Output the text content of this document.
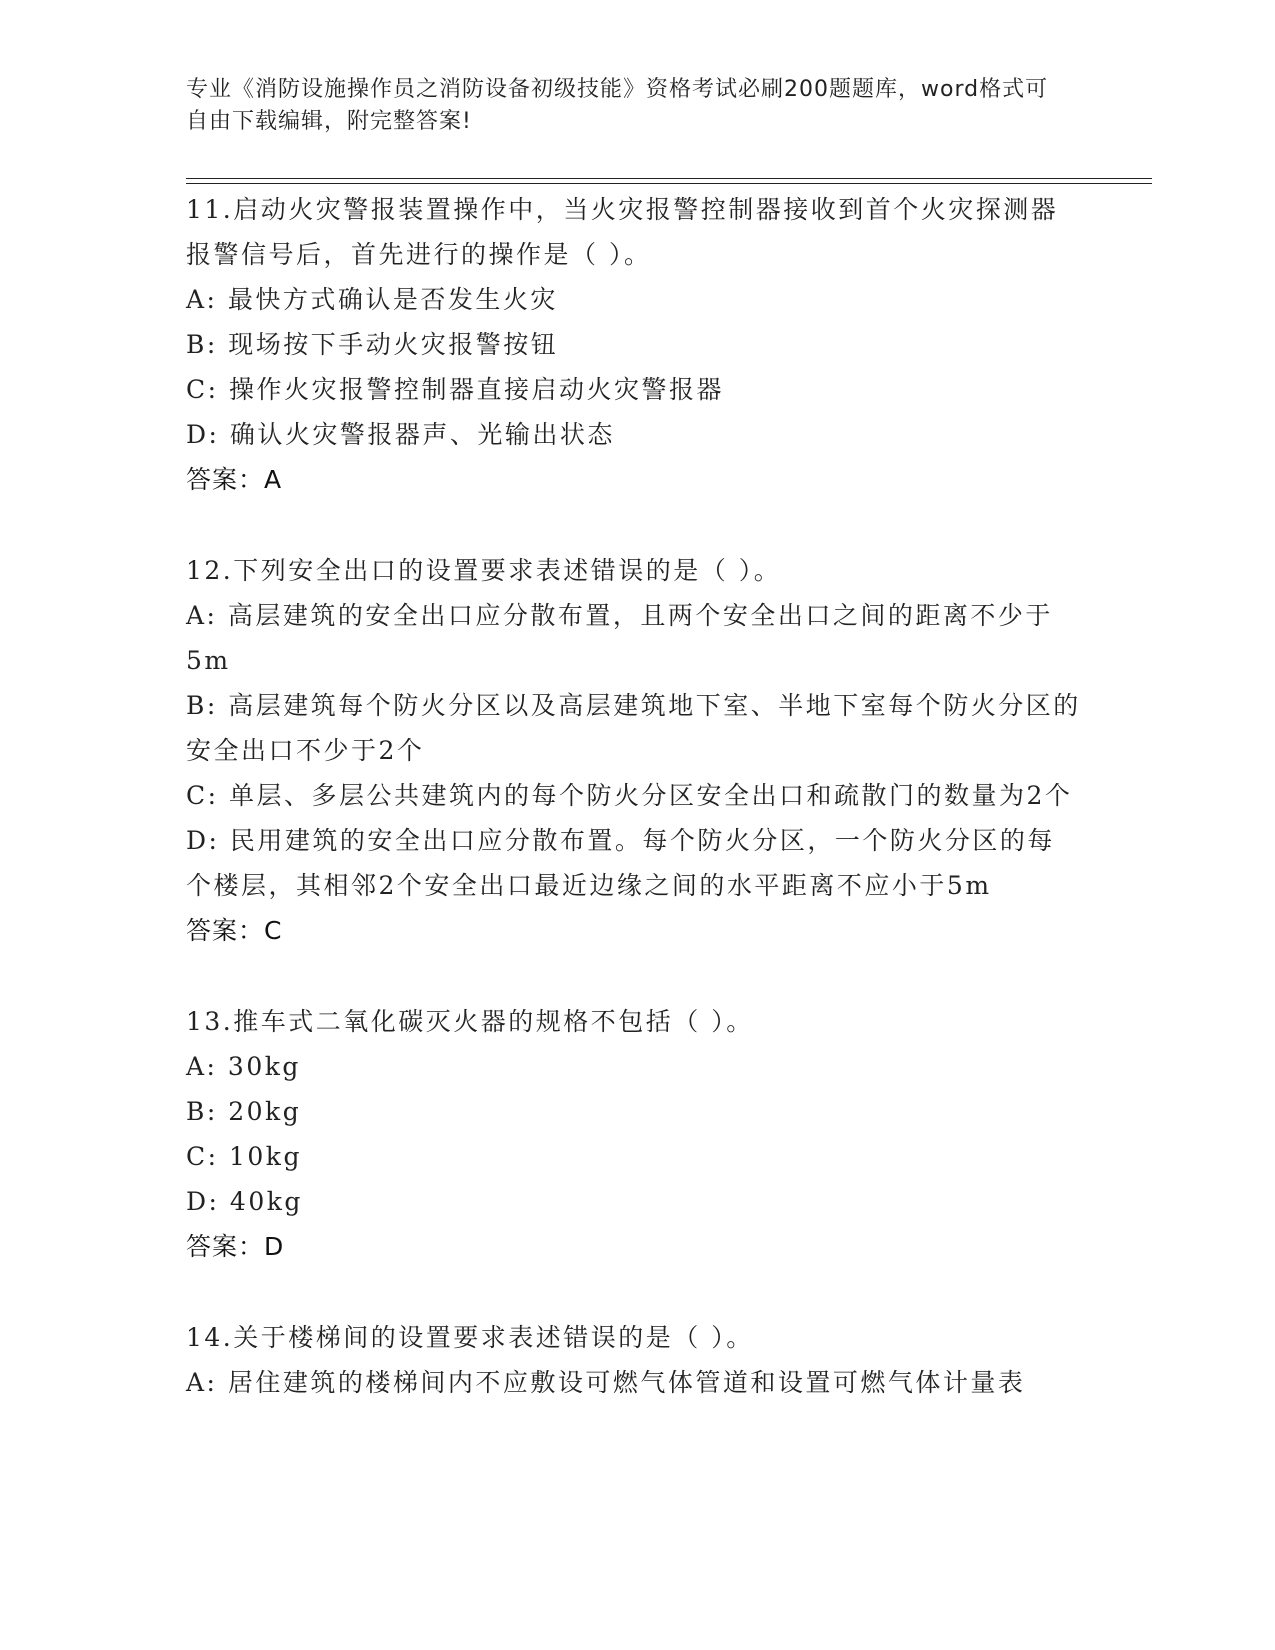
专业《消防设施操作员之消防设备初级技能》资格考试必刷200题题库，word格式可自由下载编辑，附完整答案!

11.启动火灾警报装置操作中，当火灾报警控制器接收到首个火灾探测器报警信号后，首先进行的操作是（ ）。

A: 最快方式确认是否发生火灾

B: 现场按下手动火灾报警按钮

C: 操作火灾报警控制器直接启动火灾警报器

D: 确认火灾警报器声、光输出状态

答案：A

12.下列安全出口的设置要求表述错误的是（ ）。

A: 高层建筑的安全出口应分散布置，且两个安全出口之间的距离不少于5m

B: 高层建筑每个防火分区以及高层建筑地下室、半地下室每个防火分区的安全出口不少于2个

C: 单层、多层公共建筑内的每个防火分区安全出口和疏散门的数量为2个

D: 民用建筑的安全出口应分散布置。每个防火分区，一个防火分区的每个楼层，其相邻2个安全出口最近边缘之间的水平距离不应小于5m

答案：C

13.推车式二氧化碳灭火器的规格不包括（ ）。

A: 30kg

B: 20kg

C: 10kg

D: 40kg

答案：D

14.关于楼梯间的设置要求表述错误的是（ ）。

A: 居住建筑的楼梯间内不应敷设可燃气体管道和设置可燃气体计量表
